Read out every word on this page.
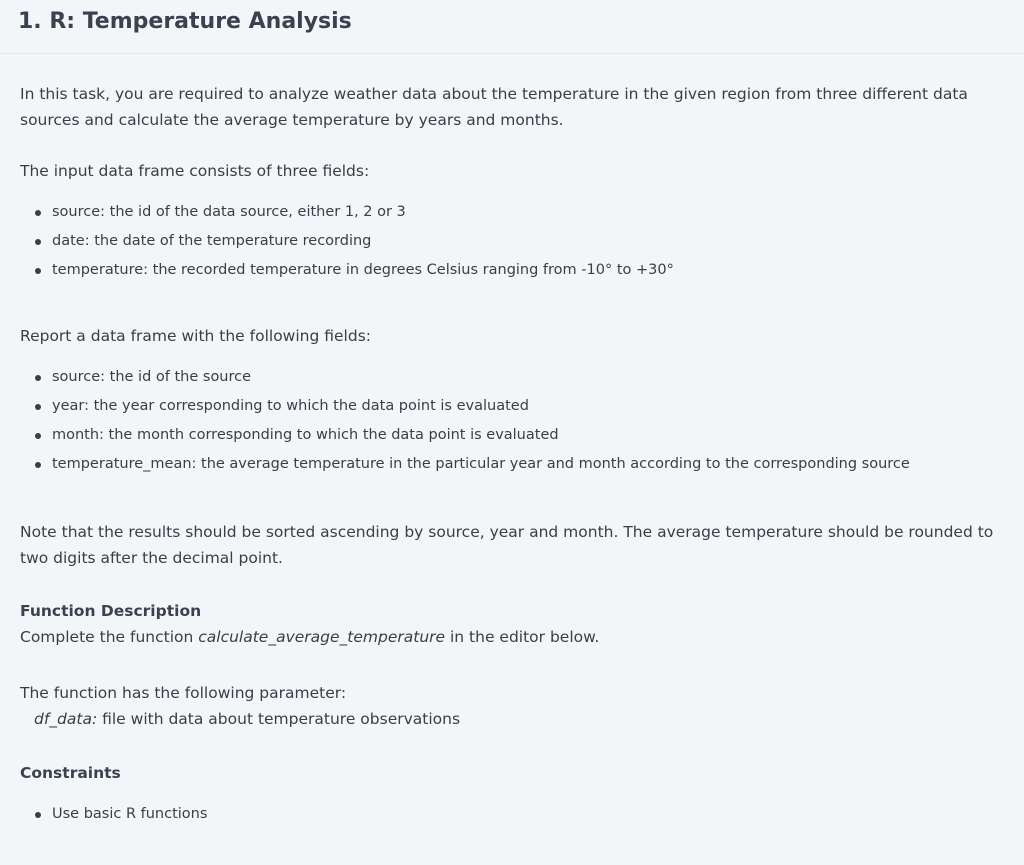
1. R: Temperature Analysis

In this task, you are required to analyze weather data about the temperature in the given region from three different data sources and calculate the average temperature by years and months.

The input data frame consists of three fields:

source: the id of the data source, either 1, 2 or 3
date: the date of the temperature recording
temperature: the recorded temperature in degrees Celsius ranging from -10° to +30°

Report a data frame with the following fields:

source: the id of the source
year: the year corresponding to which the data point is evaluated
month: the month corresponding to which the data point is evaluated
temperature_mean: the average temperature in the particular year and month according to the corresponding source

Note that the results should be sorted ascending by source, year and month. The average temperature should be rounded to two digits after the decimal point.

Function Description

Complete the function calculate_average_temperature in the editor below.

The function has the following parameter:

df_data: file with data about temperature observations

Constraints

Use basic R functions
